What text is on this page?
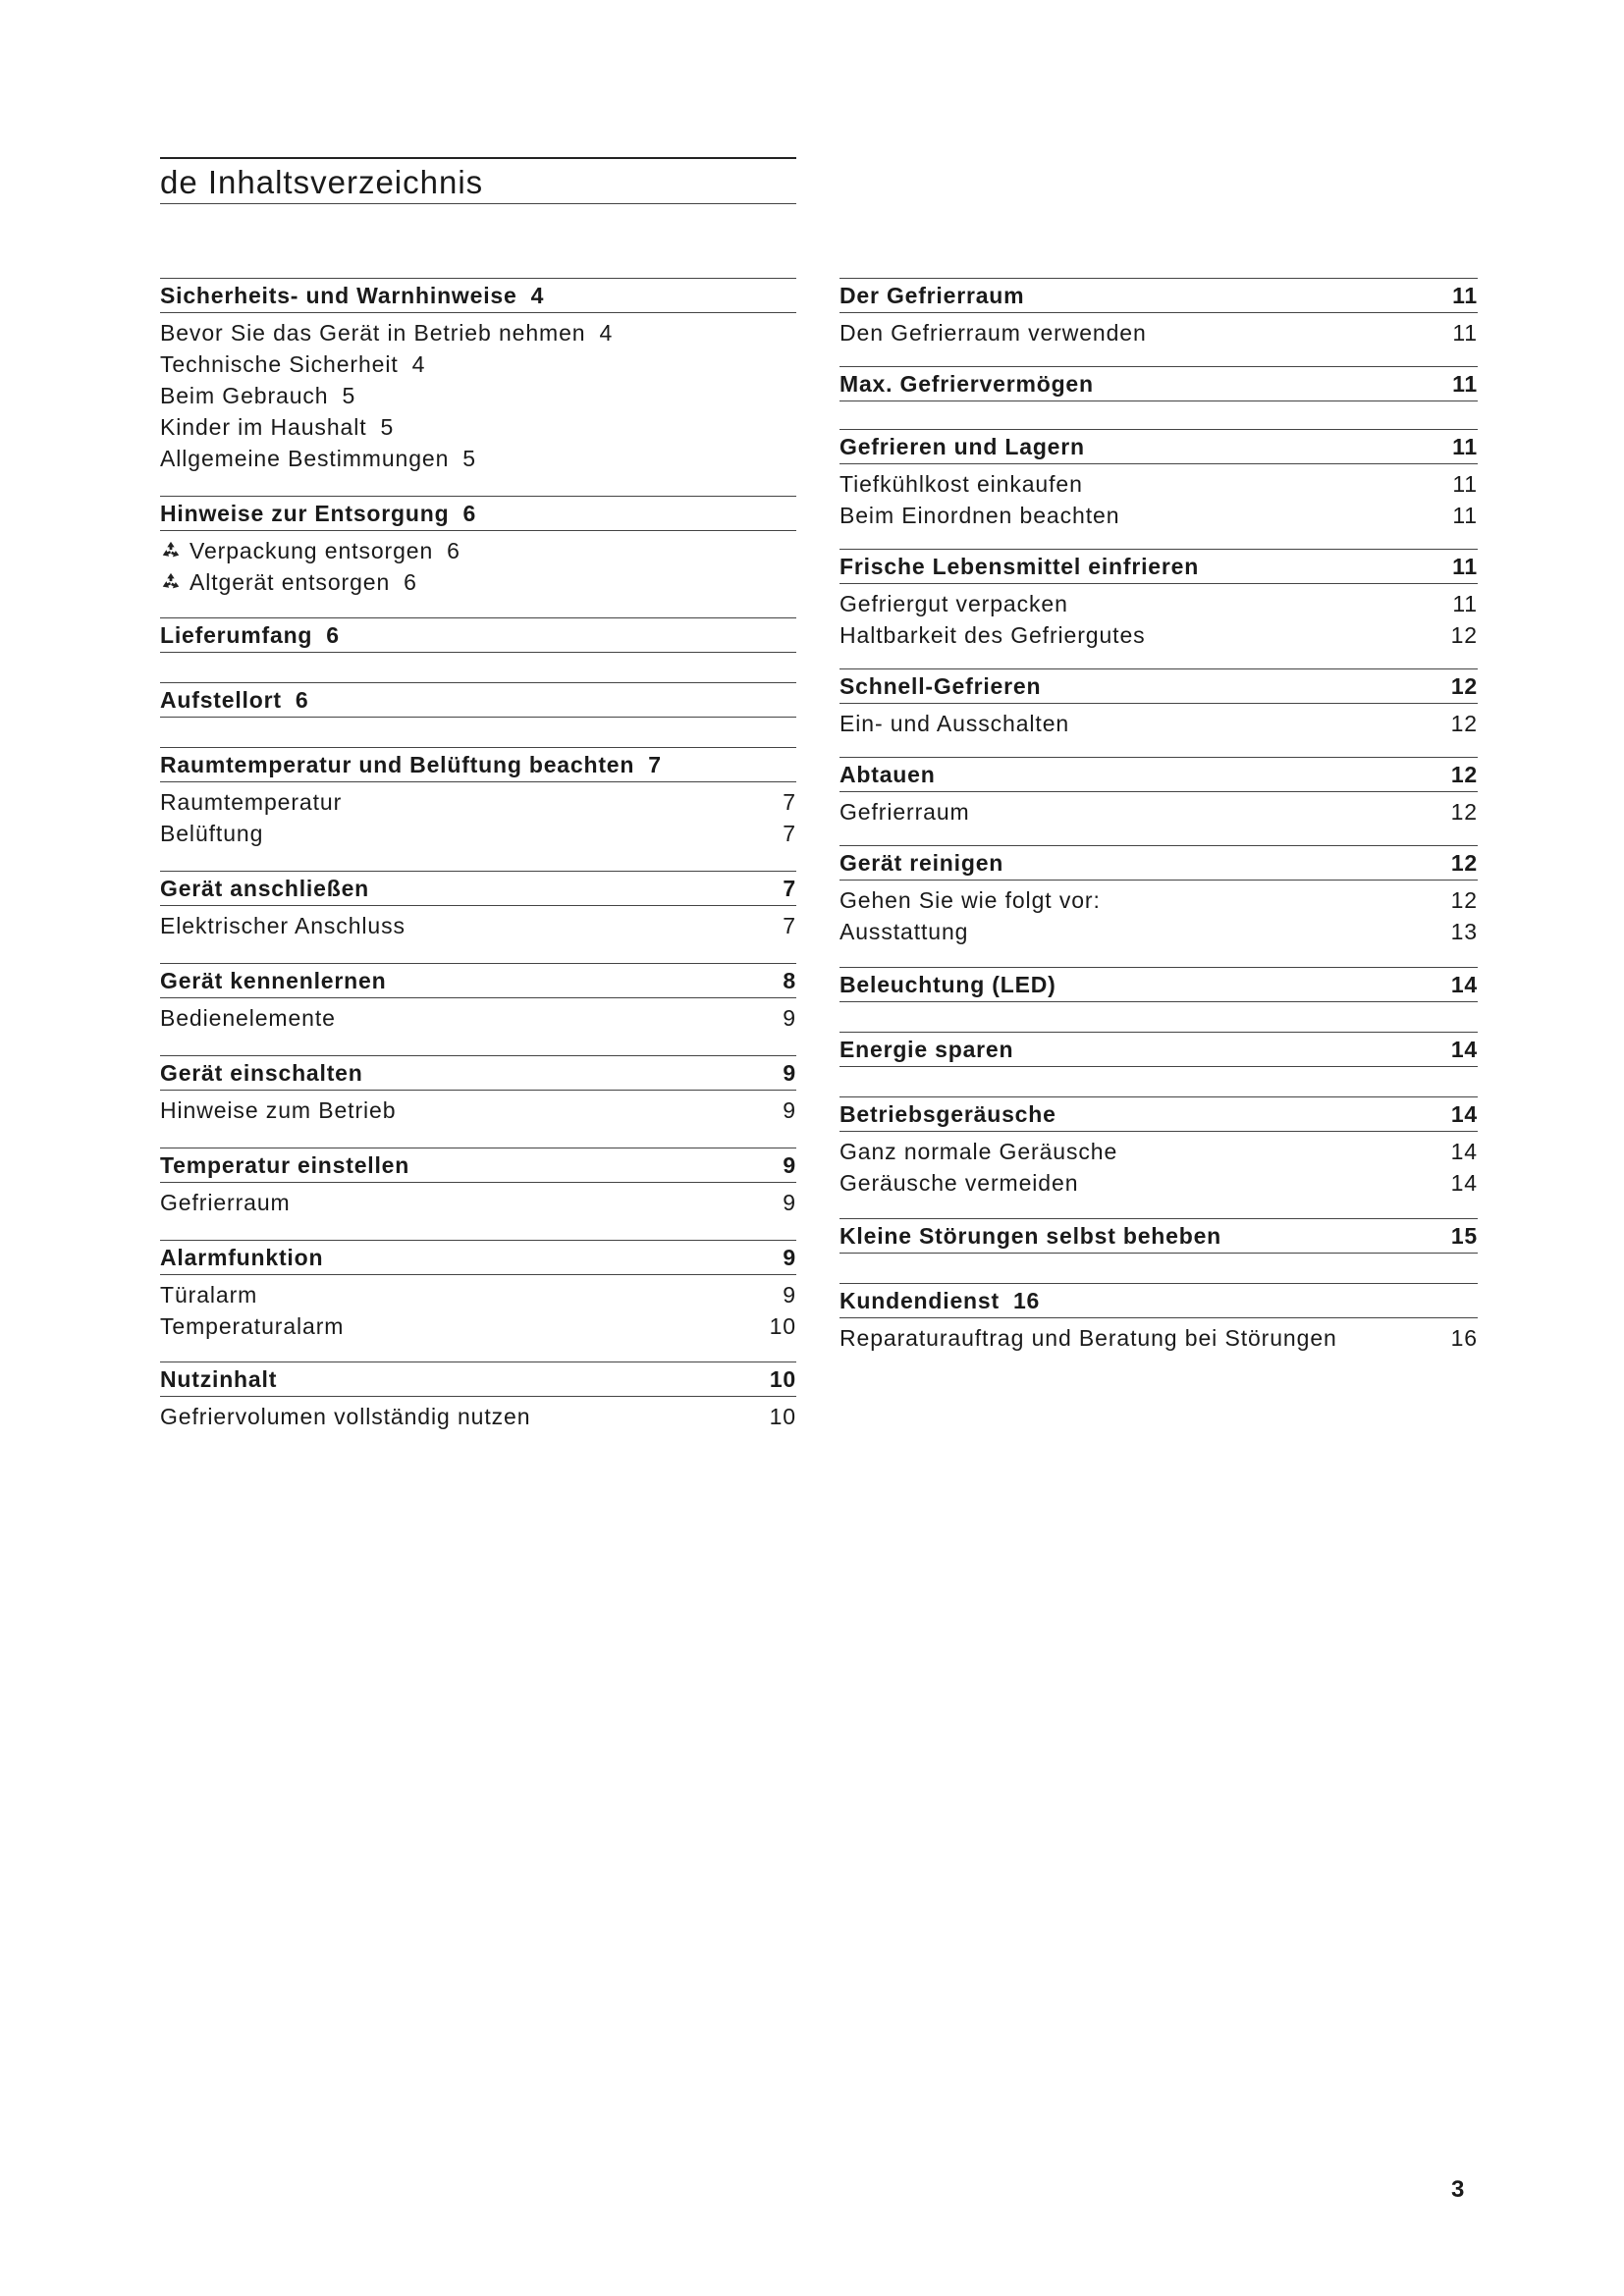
de Inhaltsverzeichnis
Sicherheits- und Warnhinweise 4
Bevor Sie das Gerät in Betrieb nehmen 4
Technische Sicherheit 4
Beim Gebrauch 5
Kinder im Haushalt 5
Allgemeine Bestimmungen 5
Hinweise zur Entsorgung 6
Verpackung entsorgen 6
Altgerät entsorgen 6
Lieferumfang 6
Aufstellort 6
Raumtemperatur und Belüftung beachten 7
Raumtemperatur	7
Belüftung	7
Gerät anschließen	7
Elektrischer Anschluss	7
Gerät kennenlernen	8
Bedienelemente	9
Gerät einschalten	9
Hinweise zum Betrieb	9
Temperatur einstellen	9
Gefrierraum	9
Alarmfunktion	9
Türalarm	9
Temperaturalarm	10
Nutzinhalt	10
Gefriervolumen vollständig nutzen	10
Der Gefrierraum	11
Den Gefrierraum verwenden	11
Max. Gefriervermögen	11
Gefrieren und Lagern	11
Tiefkühlkost einkaufen	11
Beim Einordnen beachten	11
Frische Lebensmittel einfrieren	11
Gefriergut verpacken	11
Haltbarkeit des Gefriergutes	12
Schnell-Gefrieren	12
Ein- und Ausschalten	12
Abtauen	12
Gefrierraum	12
Gerät reinigen	12
Gehen Sie wie folgt vor:	12
Ausstattung	13
Beleuchtung (LED)	14
Energie sparen	14
Betriebsgeräusche	14
Ganz normale Geräusche	14
Geräusche vermeiden	14
Kleine Störungen selbst beheben	15
Kundendienst 16
Reparaturauftrag und Beratung bei Störungen	16
3
